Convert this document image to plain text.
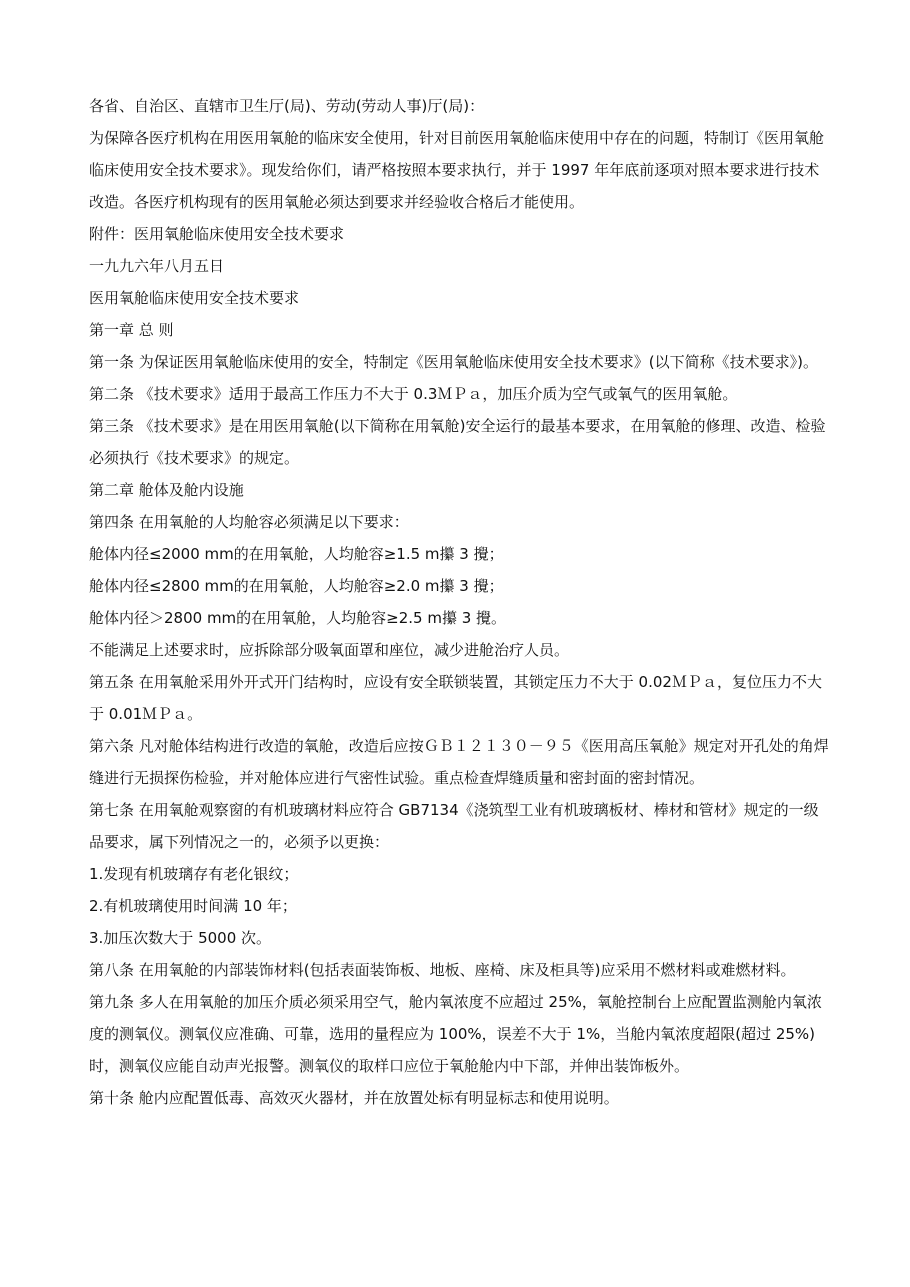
各省、自治区、直辖市卫生厅(局)、劳动(劳动人事)厅(局)：

为保障各医疗机构在用医用氧舱的临床安全使用，针对目前医用氧舱临床使用中存在的问题，特制订《医用氧舱临床使用安全技术要求》。现发给你们，请严格按照本要求执行，并于 1997 年年底前逐项对照本要求进行技术改造。各医疗机构现有的医用氧舱必须达到要求并经验收合格后才能使用。

附件：医用氧舱临床使用安全技术要求

一九九六年八月五日

医用氧舱临床使用安全技术要求

第一章 总 则

第一条 为保证医用氧舱临床使用的安全，特制定《医用氧舱临床使用安全技术要求》(以下简称《技术要求》)。

第二条 《技术要求》适用于最高工作压力不大于 0.3ＭＰａ，加压介质为空气或氧气的医用氧舱。

第三条 《技术要求》是在用医用氧舱(以下简称在用氧舱)安全运行的最基本要求，在用氧舱的修理、改造、检验必须执行《技术要求》的规定。

第二章 舱体及舱内设施

第四条 在用氧舱的人均舱容必须满足以下要求：

舱体内径≤2000 mm的在用氧舱，人均舱容≥1.5 m攥 3 攪；

舱体内径≤2800 mm的在用氧舱，人均舱容≥2.0 m攥 3 攪；

舱体内径＞2800 mm的在用氧舱，人均舱容≥2.5 m攥 3 攪。

不能满足上述要求时，应拆除部分吸氧面罩和座位，减少进舱治疗人员。

第五条 在用氧舱采用外开式开门结构时，应设有安全联锁装置，其锁定压力不大于 0.02ＭＰａ，复位压力不大于 0.01ＭＰａ。

第六条 凡对舱体结构进行改造的氧舱，改造后应按ＧＢ１２１３０－９５《医用高压氧舱》规定对开孔处的角焊缝进行无损探伤检验，并对舱体应进行气密性试验。重点检查焊缝质量和密封面的密封情况。

第七条 在用氧舱观察窗的有机玻璃材料应符合 GB7134《浇筑型工业有机玻璃板材、棒材和管材》规定的一级品要求，属下列情况之一的，必须予以更换：

1.发现有机玻璃存有老化银纹；

2.有机玻璃使用时间满 10 年；

3.加压次数大于 5000 次。

第八条 在用氧舱的内部装饰材料(包括表面装饰板、地板、座椅、床及柜具等)应采用不燃材料或难燃材料。

第九条 多人在用氧舱的加压介质必须采用空气，舱内氧浓度不应超过 25%，氧舱控制台上应配置监测舱内氧浓度的测氧仪。测氧仪应准确、可靠，选用的量程应为 100%，误差不大于 1%，当舱内氧浓度超限(超过 25%)时，测氧仪应能自动声光报警。测氧仪的取样口应位于氧舱舱内中下部，并伸出装饰板外。

第十条 舱内应配置低毒、高效灭火器材，并在放置处标有明显标志和使用说明。
